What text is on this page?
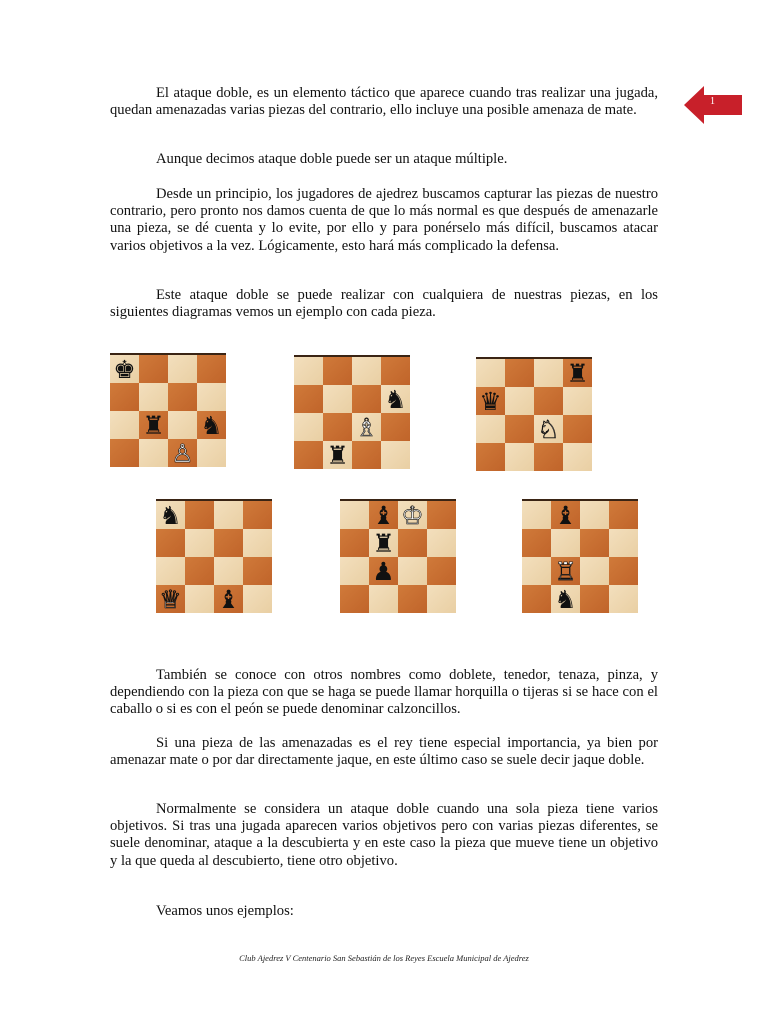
1

El ataque doble, es un elemento táctico que aparece cuando tras realizar una jugada, quedan amenazadas varias piezas del contrario, ello incluye una posible amenaza de mate.

Aunque decimos ataque doble puede ser un ataque múltiple.

Desde un principio, los jugadores de ajedrez buscamos capturar las piezas de nuestro contrario, pero pronto nos damos cuenta de que lo más normal es que después de amenazarle una pieza, se dé cuenta y lo evite, por ello y para ponérselo más difícil, buscamos atacar varios objetivos a la vez. Lógicamente, esto hará más complicado la defensa.

Este ataque doble se puede realizar con cualquiera de nuestras piezas, en los siguientes diagramas vemos un ejemplo con cada pieza.

♚
♜ ♞
♙
♞
♗
♜
♜
♛
♘
♞
♕ ♝
♝ ♔
♜
♟
♝
♖
♞

También se conoce con otros nombres como doblete, tenedor, tenaza, pinza, y dependiendo con la pieza con que se haga se puede llamar horquilla o tijeras si se hace con el caballo o si es con el peón se puede denominar calzoncillos.

Si una pieza de las amenazadas es el rey tiene especial importancia, ya bien por amenazar mate o por dar directamente jaque, en este último caso se suele decir jaque doble.

Normalmente se considera un ataque doble cuando una sola pieza tiene varios objetivos. Si tras una jugada aparecen varios objetivos pero con varias piezas diferentes, se suele denominar, ataque a la descubierta y en este caso la pieza que mueve tiene un objetivo y la que queda al descubierto, tiene otro objetivo.

Veamos unos ejemplos:

Club Ajedrez V Centenario San Sebastián de los Reyes Escuela Municipal de Ajedrez
